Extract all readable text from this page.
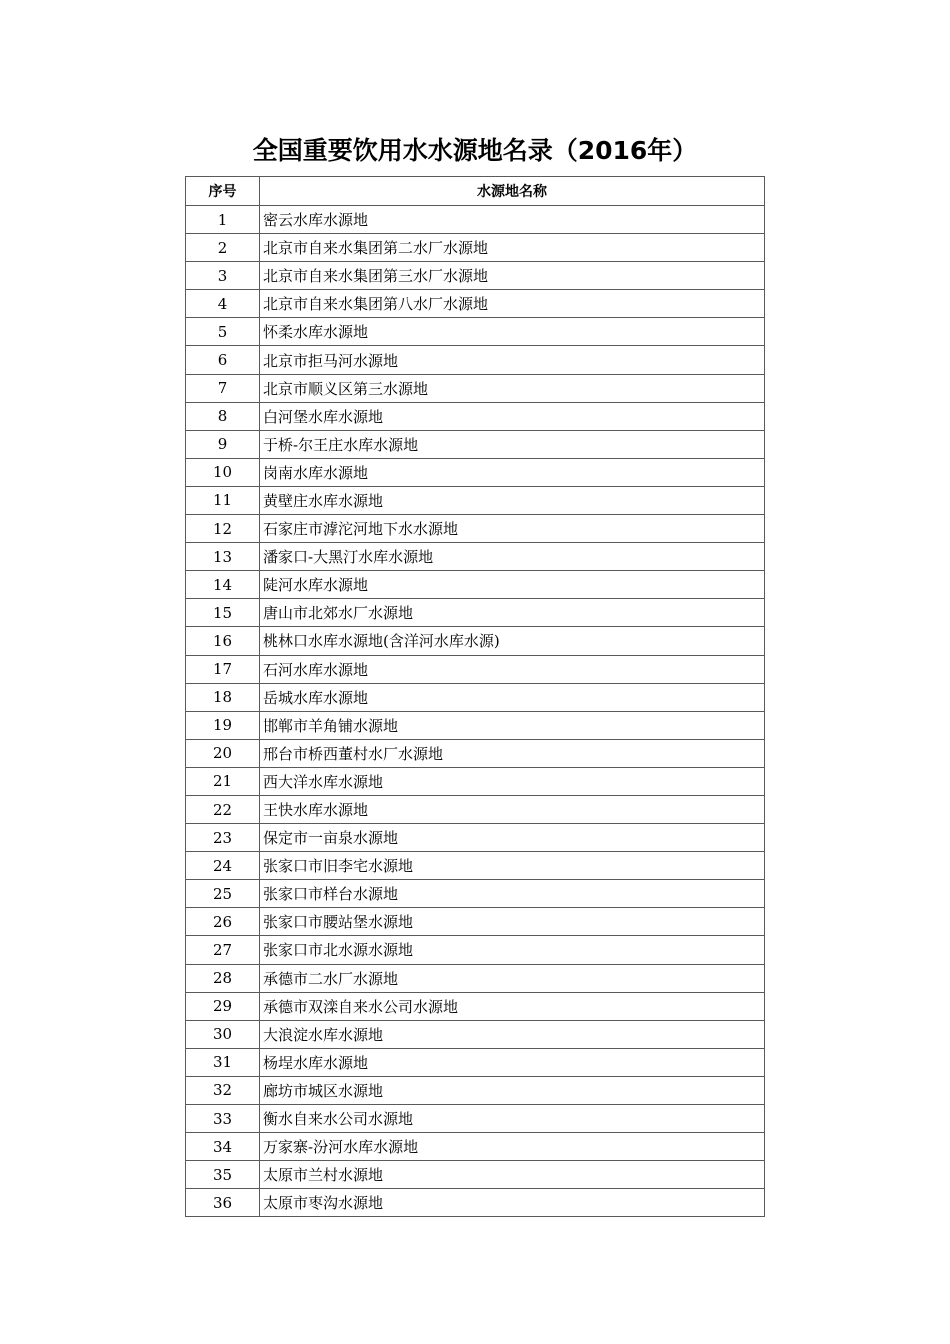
全国重要饮用水水源地名录（2016年）
序号	水源地名称
1	密云水库水源地
2	北京市自来水集团第二水厂水源地
3	北京市自来水集团第三水厂水源地
4	北京市自来水集团第八水厂水源地
5	怀柔水库水源地
6	北京市拒马河水源地
7	北京市顺义区第三水源地
8	白河堡水库水源地
9	于桥-尔王庄水库水源地
10	岗南水库水源地
11	黄壁庄水库水源地
12	石家庄市滹沱河地下水水源地
13	潘家口-大黑汀水库水源地
14	陡河水库水源地
15	唐山市北郊水厂水源地
16	桃林口水库水源地(含洋河水库水源)
17	石河水库水源地
18	岳城水库水源地
19	邯郸市羊角铺水源地
20	邢台市桥西董村水厂水源地
21	西大洋水库水源地
22	王快水库水源地
23	保定市一亩泉水源地
24	张家口市旧李宅水源地
25	张家口市样台水源地
26	张家口市腰站堡水源地
27	张家口市北水源水源地
28	承德市二水厂水源地
29	承德市双滦自来水公司水源地
30	大浪淀水库水源地
31	杨埕水库水源地
32	廊坊市城区水源地
33	衡水自来水公司水源地
34	万家寨-汾河水库水源地
35	太原市兰村水源地
36	太原市枣沟水源地
